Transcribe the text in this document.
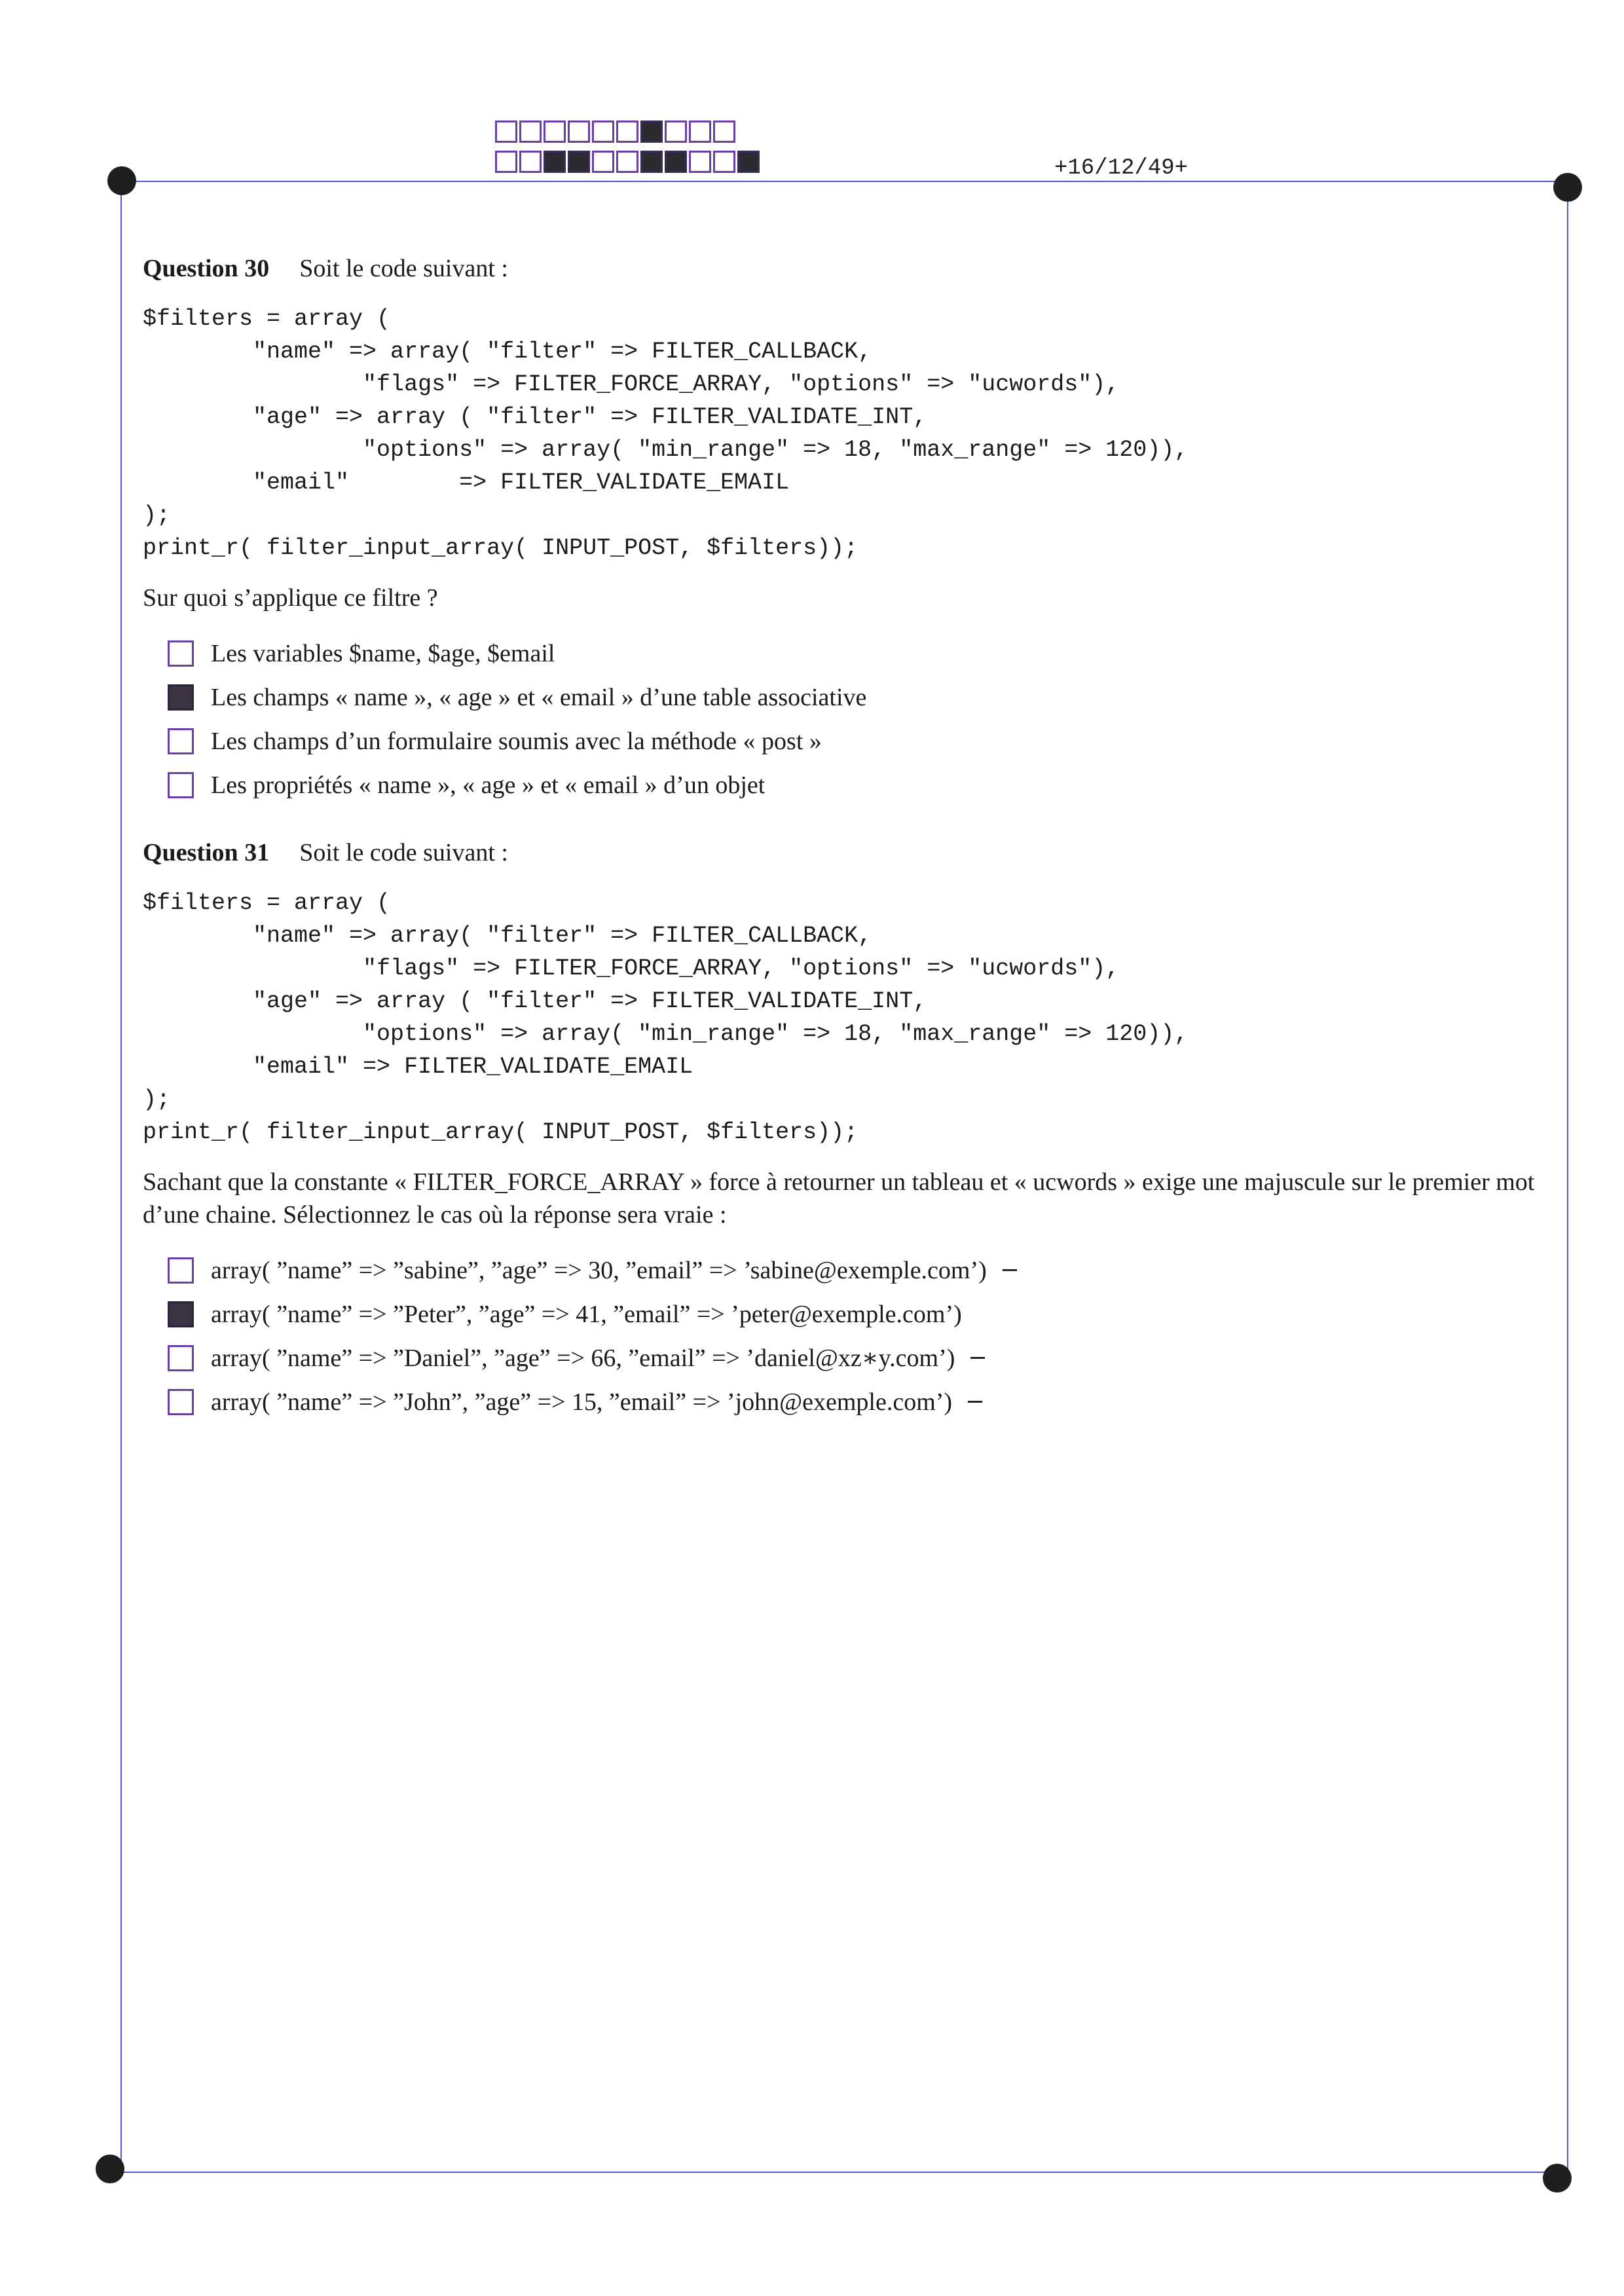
+16/12/49+
Question 30 Soit le code suivant :
$filters = array (
"name" => array( "filter" => FILTER_CALLBACK,
"flags" => FILTER_FORCE_ARRAY, "options" => "ucwords"),
"age" => array ( "filter" => FILTER_VALIDATE_INT,
"options" => array( "min_range" => 18, "max_range" => 120)),
"email"        => FILTER_VALIDATE_EMAIL
);
print_r( filter_input_array( INPUT_POST, $filters));
Sur quoi s’applique ce filtre ?
Les variables $name, $age, $email
Les champs « name », « age » et « email » d’une table associative
Les champs d’un formulaire soumis avec la méthode « post »
Les propriétés « name », « age » et « email » d’un objet
Question 31 Soit le code suivant :
$filters = array (
"name" => array( "filter" => FILTER_CALLBACK,
"flags" => FILTER_FORCE_ARRAY, "options" => "ucwords"),
"age" => array ( "filter" => FILTER_VALIDATE_INT,
"options" => array( "min_range" => 18, "max_range" => 120)),
"email" => FILTER_VALIDATE_EMAIL
);
print_r( filter_input_array( INPUT_POST, $filters));
Sachant que la constante « FILTER_FORCE_ARRAY » force à retourner un tableau et « ucwords » exige une majuscule sur le premier mot d’une chaine. Sélectionnez le cas où la réponse sera vraie :
array( ”name” => ”sabine”, ”age” => 30, ”email” => ’sabine@exemple.com’)
array( ”name” => ”Peter”, ”age” => 41, ”email” => ’peter@exemple.com’)
array( ”name” => ”Daniel”, ”age” => 66, ”email” => ’daniel@xz∗y.com’)
array( ”name” => ”John”, ”age” => 15, ”email” => ’john@exemple.com’)
